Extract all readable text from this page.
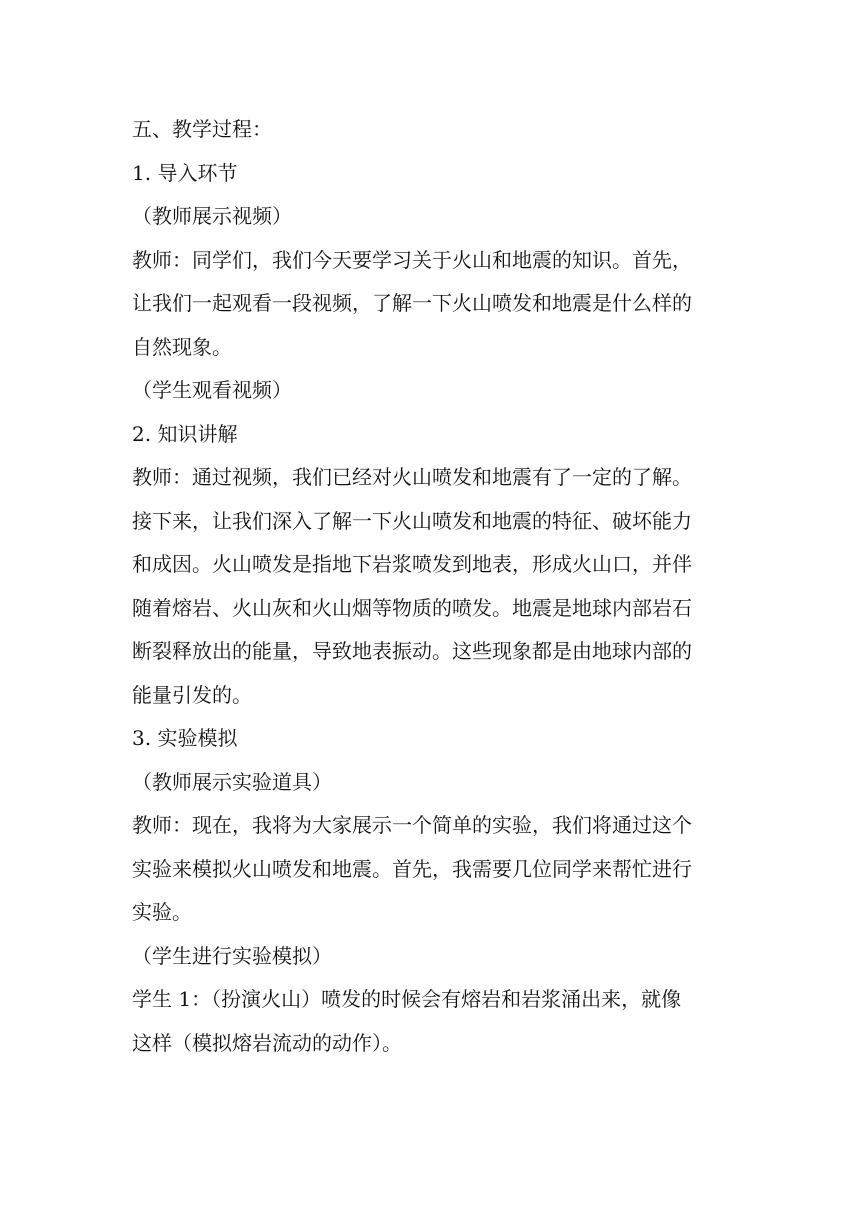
五、教学过程：
1. 导入环节
（教师展示视频）
教师：同学们，我们今天要学习关于火山和地震的知识。首先，
让我们一起观看一段视频，了解一下火山喷发和地震是什么样的
自然现象。
（学生观看视频）
2. 知识讲解
教师：通过视频，我们已经对火山喷发和地震有了一定的了解。
接下来，让我们深入了解一下火山喷发和地震的特征、破坏能力
和成因。火山喷发是指地下岩浆喷发到地表，形成火山口，并伴
随着熔岩、火山灰和火山烟等物质的喷发。地震是地球内部岩石
断裂释放出的能量，导致地表振动。这些现象都是由地球内部的
能量引发的。
3. 实验模拟
（教师展示实验道具）
教师：现在，我将为大家展示一个简单的实验，我们将通过这个
实验来模拟火山喷发和地震。首先，我需要几位同学来帮忙进行
实验。
（学生进行实验模拟）
学生 1：（扮演火山）喷发的时候会有熔岩和岩浆涌出来，就像
这样（模拟熔岩流动的动作）。
